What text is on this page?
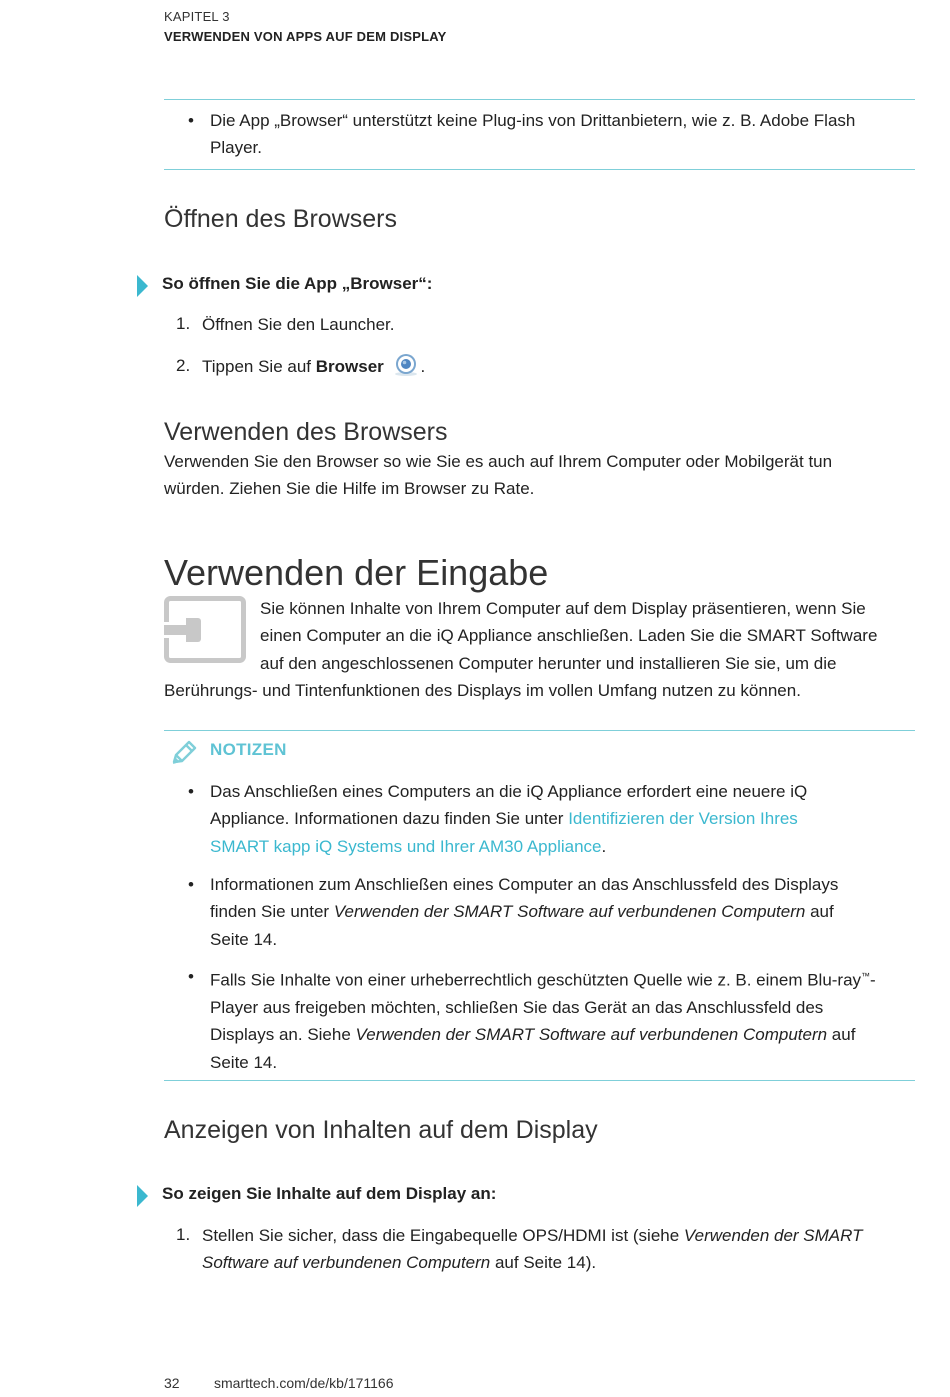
KAPITEL 3
VERWENDEN VON APPS AUF DEM DISPLAY
• Die App „Browser“ unterstützt keine Plug-ins von Drittanbietern, wie z. B. Adobe Flash
Player.
Öffnen des Browsers
So öffnen Sie die App „Browser“:
1. Öffnen Sie den Launcher.
2. Tippen Sie auf Browser .
Verwenden des Browsers
Verwenden Sie den Browser so wie Sie es auch auf Ihrem Computer oder Mobilgerät tun
würden. Ziehen Sie die Hilfe im Browser zu Rate.
Verwenden der Eingabe
Sie können Inhalte von Ihrem Computer auf dem Display präsentieren, wenn Sie
einen Computer an die iQ Appliance anschließen. Laden Sie die SMART Software
auf den angeschlossenen Computer herunter und installieren Sie sie, um die
Berührungs- und Tintenfunktionen des Displays im vollen Umfang nutzen zu können.
NOTIZEN
• Das Anschließen eines Computers an die iQ Appliance erfordert eine neuere iQ
Appliance. Informationen dazu finden Sie unter Identifizieren der Version Ihres
SMART kapp iQ Systems und Ihrer AM30 Appliance.
• Informationen zum Anschließen eines Computer an das Anschlussfeld des Displays
finden Sie unter Verwenden der SMART Software auf verbundenen Computern auf
Seite 14.
• Falls Sie Inhalte von einer urheberrechtlich geschützten Quelle wie z. B. einem Blu-ray™-
Player aus freigeben möchten, schließen Sie das Gerät an das Anschlussfeld des
Displays an. Siehe Verwenden der SMART Software auf verbundenen Computern auf
Seite 14.
Anzeigen von Inhalten auf dem Display
So zeigen Sie Inhalte auf dem Display an:
1. Stellen Sie sicher, dass die Eingabequelle OPS/HDMI ist (siehe Verwenden der SMART
Software auf verbundenen Computern auf Seite 14).
32 smarttech.com/de/kb/171166
